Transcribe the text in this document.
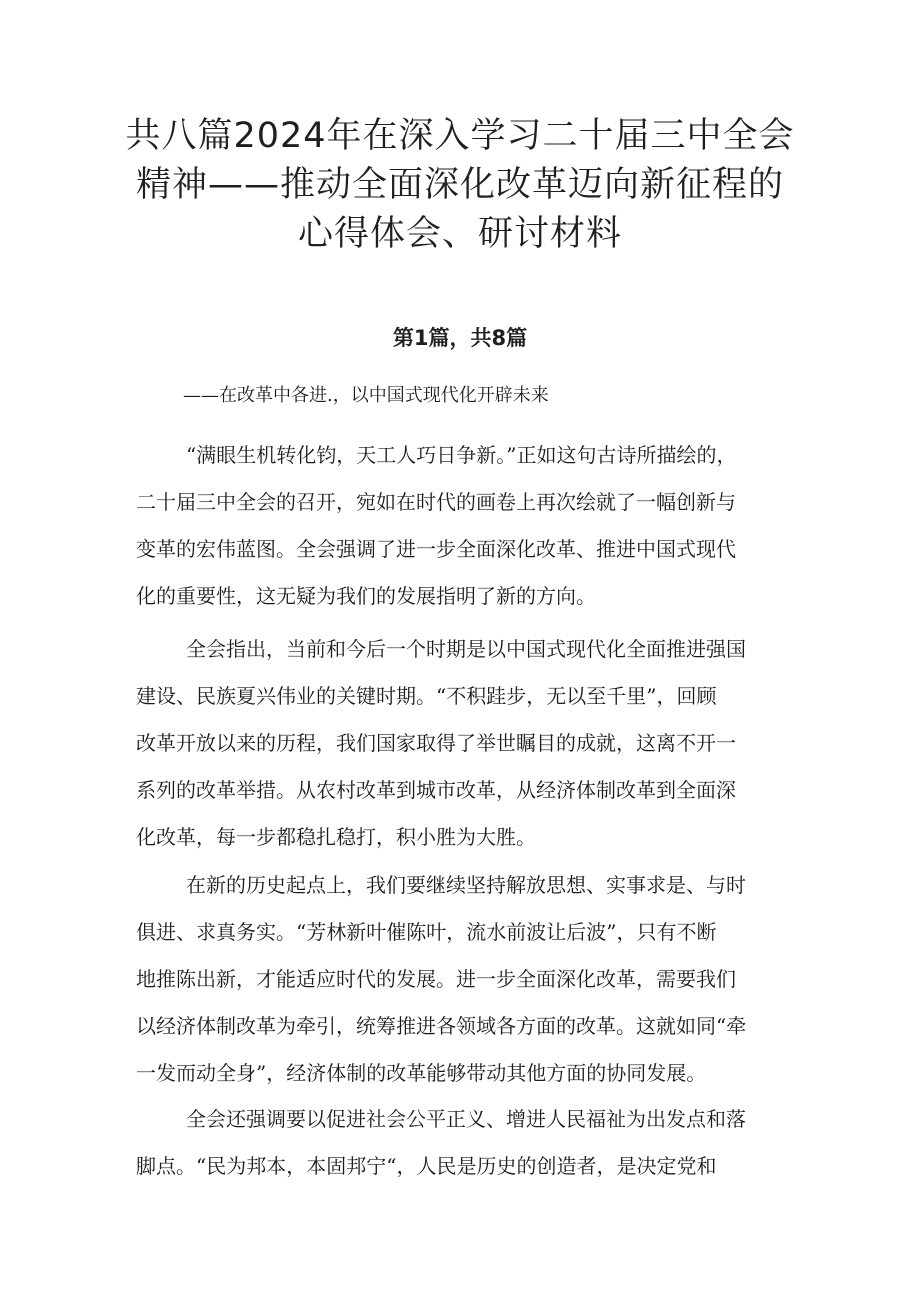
共八篇2024年在深入学习二十届三中全会
精神——推动全面深化改革迈向新征程的
心得体会、研讨材料
第1篇，共8篇
——在改革中各进.，以中国式现代化开辟未来
“满眼生机转化钧，天工人巧日争新。”正如这句古诗所描绘的，
二十届三中全会的召开，宛如在时代的画卷上再次绘就了一幅创新与
变革的宏伟蓝图。全会强调了进一步全面深化改革、推进中国式现代
化的重要性，这无疑为我们的发展指明了新的方向。
全会指出，当前和今后一个时期是以中国式现代化全面推进强国
建设、民族夏兴伟业的关键时期。“不积跬步，无以至千里”，回顾
改革开放以来的历程，我们国家取得了举世瞩目的成就，这离不开一
系列的改革举措。从农村改革到城市改革，从经济体制改革到全面深
化改革，每一步都稳扎稳打，积小胜为大胜。
在新的历史起点上，我们要继续坚持解放思想、实事求是、与时
俱进、求真务实。“芳林新叶催陈叶，流水前波让后波”，只有不断
地推陈出新，才能适应时代的发展。进一步全面深化改革，需要我们
以经济体制改革为牵引，统筹推进各领域各方面的改革。这就如同“牵
一发而动全身”，经济体制的改革能够带动其他方面的协同发展。
全会还强调要以促进社会公平正义、增进人民福祉为出发点和落
脚点。“民为邦本，本固邦宁“，人民是历史的创造者，是决定党和
